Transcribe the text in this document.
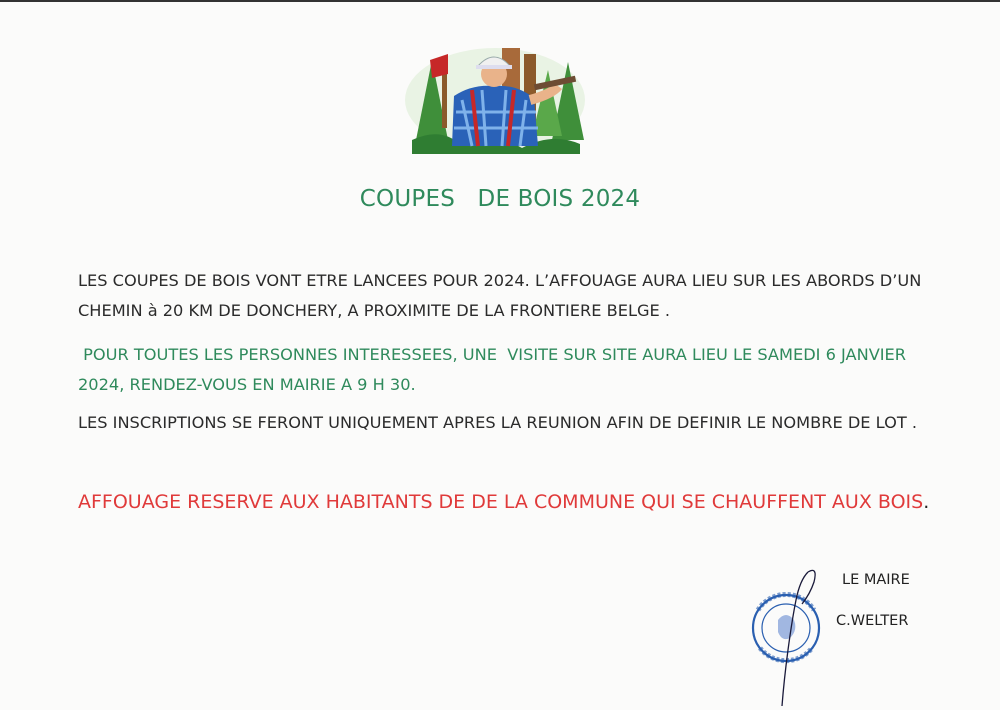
COUPES   DE BOIS 2024
LES COUPES DE BOIS VONT ETRE LANCEES POUR 2024. L’AFFOUAGE AURA LIEU SUR LES ABORDS D’UN CHEMIN à 20 KM DE DONCHERY, A PROXIMITE DE LA FRONTIERE BELGE .
POUR TOUTES LES PERSONNES INTERESSEES, UNE  VISITE SUR SITE AURA LIEU LE SAMEDI 6 JANVIER  2024, RENDEZ-VOUS EN MAIRIE A 9 H 30.
LES INSCRIPTIONS SE FERONT UNIQUEMENT APRES LA REUNION AFIN DE DEFINIR LE NOMBRE DE LOT .
AFFOUAGE RESERVE AUX HABITANTS DE DE LA COMMUNE QUI SE CHAUFFENT AUX BOIS.
LE MAIRE
C.WELTER
